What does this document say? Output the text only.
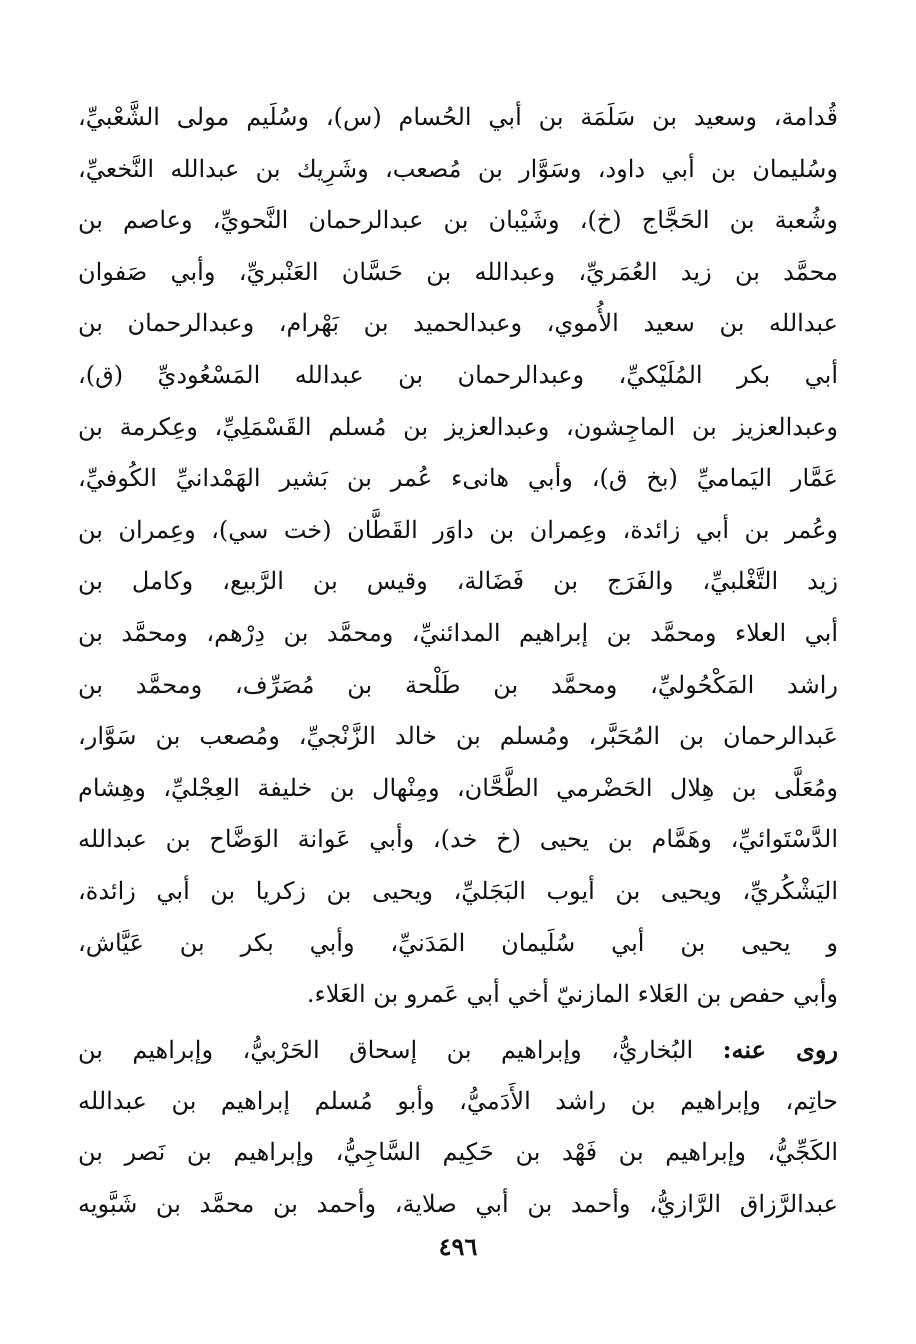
قُدامة، وسعيد بن سَلَمَة بن أبي الحُسام (س)، وسُلَيم مولى الشَّعْبيِّ،
وسُليمان بن أبي داود، وسَوَّار بن مُصعب، وشَرِيك بن عبدالله النَّخعيِّ،
وشُعبة بن الحَجَّاج (خ)، وشَيْبان بن عبدالرحمان النَّحويِّ، وعاصم بن
محمَّد بن زيد العُمَريِّ، وعبدالله بن حَسَّان العَنْبريِّ، وأبي صَفوان
عبدالله بن سعيد الأُموي، وعبدالحميد بن بَهْرام، وعبدالرحمان بن
أبي بكر المُلَيْكيِّ، وعبدالرحمان بن عبدالله المَسْعُوديِّ (ق)،
وعبدالعزيز بن الماجِشون، وعبدالعزيز بن مُسلم القَسْمَلِيِّ، وعِكرمة بن
عَمَّار اليَماميِّ (بخ ق)، وأبي هانىء عُمر بن بَشير الهَمْدانيِّ الكُوفيِّ،
وعُمر بن أبي زائدة، وعِمران بن داوَر القَطَّان (خت سي)، وعِمران بن
زيد التَّغْلبيِّ، والفَرَج بن فَضَالة، وقيس بن الرَّبيع، وكامل بن
أبي العلاء ومحمَّد بن إبراهيم المدائنيِّ، ومحمَّد بن دِرْهم، ومحمَّد بن
راشد المَكْحُوليِّ، ومحمَّد بن طَلْحة بن مُصَرِّف، ومحمَّد بن
عَبدالرحمان بن المُحَبَّر، ومُسلم بن خالد الزَّنْجيِّ، ومُصعب بن سَوَّار،
ومُعَلَّى بن هِلال الحَضْرمي الطَّحَّان، ومِنْهال بن خليفة العِجْليِّ، وهِشام
الدَّسْتَوائيِّ، وهَمَّام بن يحيى (خ خد)، وأبي عَوانة الوَضَّاح بن عبدالله
اليَشْكُريِّ، ويحيى بن أيوب البَجَليِّ، ويحيى بن زكريا بن أبي زائدة،
و يحيى بن أبي سُلَيمان المَدَنيِّ، وأبي بكر بن عَيَّاش،
وأبي حفص بن العَلاء المازنيّ أخي أبي عَمرو بن العَلاء.
روى عنه: البُخاريُّ، وإبراهيم بن إسحاق الحَرْبيُّ، وإبراهيم بن
حاتِم، وإبراهيم بن راشد الأَدَميُّ، وأبو مُسلم إبراهيم بن عبدالله
الكَجِّيُّ، وإبراهيم بن فَهْد بن حَكِيم السَّاجِيُّ، وإبراهيم بن نَصر بن
عبدالرَّزاق الرَّازيُّ، وأحمد بن أبي صلاية، وأحمد بن محمَّد بن شَبَّويه
٤٩٦
